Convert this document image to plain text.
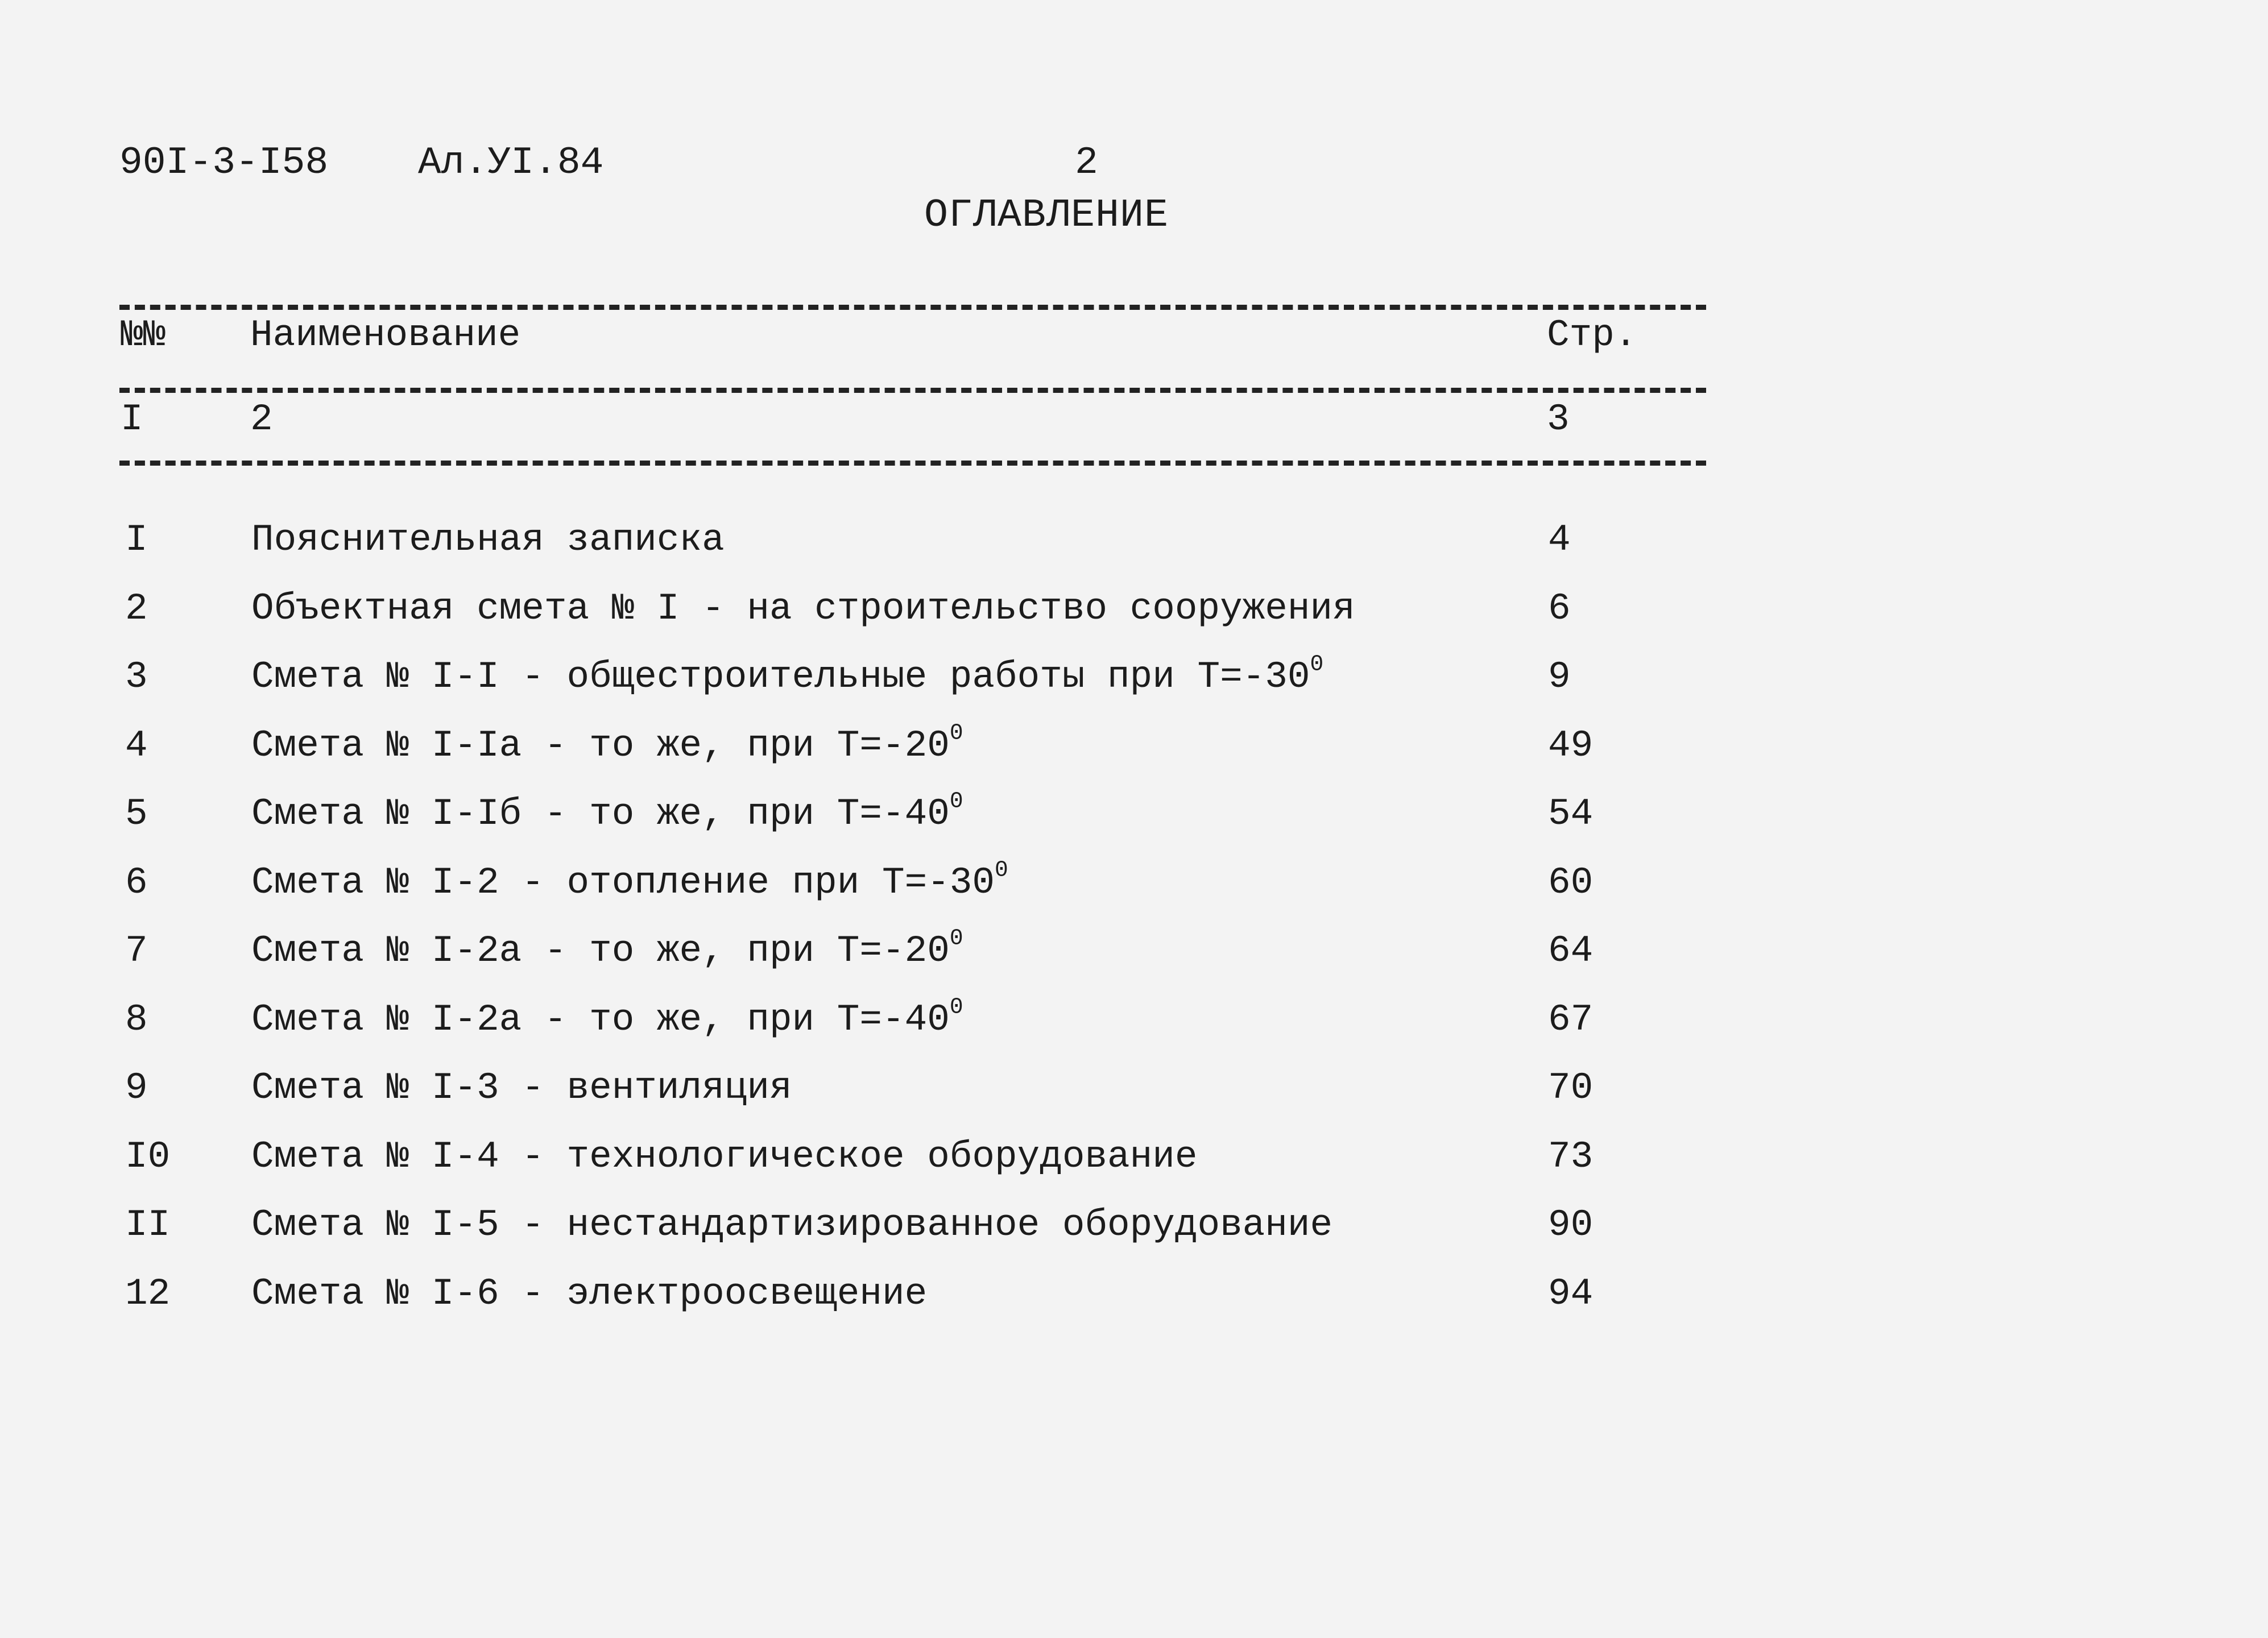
90I-3-I58 Ал.УI.84	2
ОГЛАВЛЕНИЕ
№№ Наименование	Стр.
I	2	3
I	Пояснительная записка	4
2	Объектная смета № I - на строительство сооружения	6
3	Смета № I-I - общестроительные работы при $Т=-30^0$	9
4	Смета № I-Iа - то же, при $Т=-20^0$	49
5	Смета № I-Iб - то же, при $Т=-40^0$	54
6	Смета № I-2 - отопление при $Т=-30^0$	60
7	Смета № I-2а - то же, при $Т=-20^0$	64
8	Смета № I-2а - то же, при $Т=-40^0$	67
9	Смета № I-3 - вентиляция	70
I0 Смета № I-4 - технологическое оборудование	73
II Смета № I-5 - нестандартизированное оборудование	90
12 Смета № I-6 - электроосвещение	94
